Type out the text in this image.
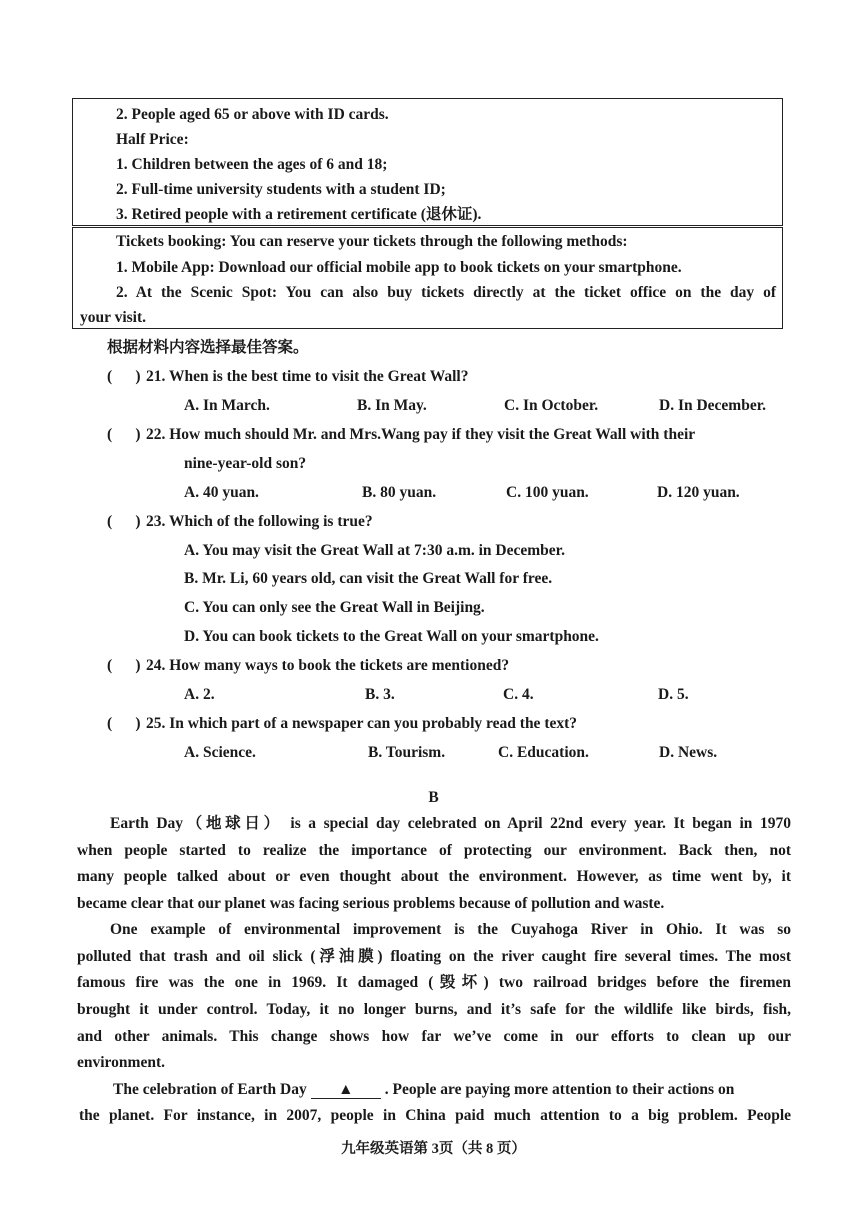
2. People aged 65 or above with ID cards.
Half Price:
1. Children between the ages of 6 and 18;
2. Full-time university students with a student ID;
3. Retired people with a retirement certificate (退休证).
Tickets booking: You can reserve your tickets through the following methods:
1. Mobile App: Download our official mobile app to book tickets on your smartphone.
2. At the Scenic Spot: You can also buy tickets directly at the ticket office on the day of
your visit.
根据材料内容选择最佳答案。
(      ) 21. When is the best time to visit the Great Wall?
A. In March.	B. In May.	C. In October.	D. In December.
(      ) 22. How much should Mr. and Mrs.Wang pay if they visit the Great Wall with their
nine-year-old son?
A. 40 yuan.	B. 80 yuan.	C. 100 yuan.	D. 120 yuan.
(      ) 23. Which of the following is true?
A. You may visit the Great Wall at 7:30 a.m. in December.
B. Mr. Li, 60 years old, can visit the Great Wall for free.
C. You can only see the Great Wall in Beijing.
D. You can book tickets to the Great Wall on your smartphone.
(      ) 24. How many ways to book the tickets are mentioned?
A. 2.	B. 3.	C. 4.	D. 5.
(      ) 25. In which part of a newspaper can you probably read the text?
A. Science.	B. Tourism.	C. Education.	D. News.
B
Earth Day（地球日） is a special day celebrated on April 22nd every year. It began in 1970
when people started to realize the importance of protecting our environment. Back then, not
many people talked about or even thought about the environment. However, as time went by, it
became clear that our planet was facing serious problems because of pollution and waste.
One example of environmental improvement is the Cuyahoga River in Ohio. It was so
polluted that trash and oil slick (浮油膜) floating on the river caught fire several times. The most
famous fire was the one in 1969. It damaged (毁坏) two railroad bridges before the firemen
brought it under control. Today, it no longer burns, and it’s safe for the wildlife like birds, fish,
and other animals. This change shows how far we’ve come in our efforts to clean up our
environment.
The celebration of Earth Day ▲ . People are paying more attention to their actions on
the planet. For instance, in 2007, people in China paid much attention to a big problem. People
九年级英语第 3页（共 8 页）
